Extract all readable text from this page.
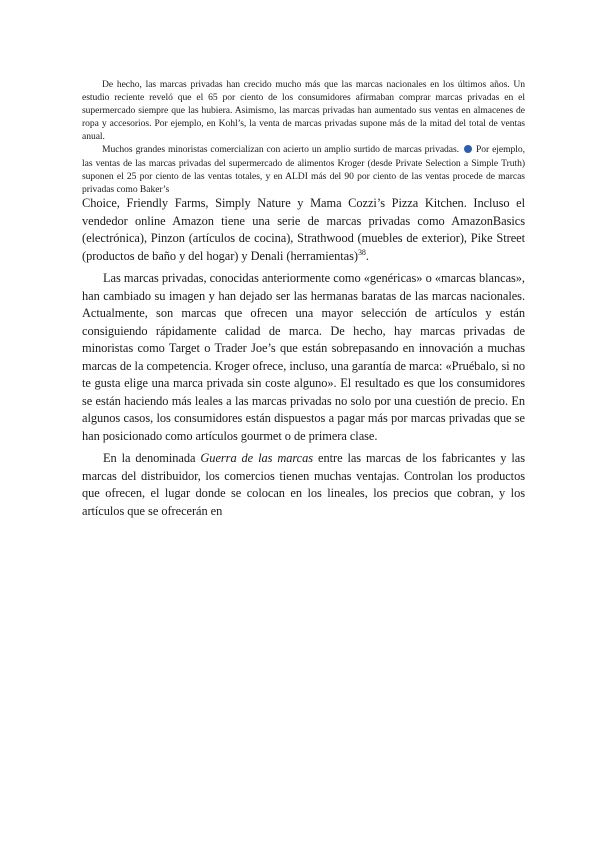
De hecho, las marcas privadas han crecido mucho más que las marcas nacionales en los últimos años. Un estudio reciente reveló que el 65 por ciento de los consumidores afirmaban comprar marcas privadas en el supermercado siempre que las hubiera. Asimismo, las marcas privadas han aumentado sus ventas en almacenes de ropa y accesorios. Por ejemplo, en Kohl’s, la venta de marcas privadas supone más de la mitad del total de ventas anual.

Muchos grandes minoristas comercializan con acierto un amplio surtido de marcas privadas. Por ejemplo, las ventas de las marcas privadas del supermercado de alimentos Kroger (desde Private Selection a Simple Truth) suponen el 25 por ciento de las ventas totales, y en ALDI más del 90 por ciento de las ventas procede de marcas privadas como Baker’s

Choice, Friendly Farms, Simply Nature y Mama Cozzi’s Pizza Kitchen. Incluso el vendedor online Amazon tiene una serie de marcas privadas como AmazonBasics (electrónica), Pinzon (artículos de cocina), Strathwood (muebles de exterior), Pike Street (productos de baño y del hogar) y Denali (herramientas)$^{38}$.

Las marcas privadas, conocidas anteriormente como «genéricas» o «marcas blancas», han cambiado su imagen y han dejado ser las hermanas baratas de las marcas nacionales. Actualmente, son marcas que ofrecen una mayor selección de artículos y están consiguiendo rápidamente calidad de marca. De hecho, hay marcas privadas de minoristas como Target o Trader Joe’s que están sobrepasando en innovación a muchas marcas de la competencia. Kroger ofrece, incluso, una garantía de marca: «Pruébalo, si no te gusta elige una marca privada sin coste alguno». El resultado es que los consumidores se están haciendo más leales a las marcas privadas no solo por una cuestión de precio. En algunos casos, los consumidores están dispuestos a pagar más por marcas privadas que se han posicionado como artículos gourmet o de primera clase.

En la denominada Guerra de las marcas entre las marcas de los fabricantes y las marcas del distribuidor, los comercios tienen muchas ventajas. Controlan los productos que ofrecen, el lugar donde se colocan en los lineales, los precios que cobran, y los artículos que se ofrecerán en
